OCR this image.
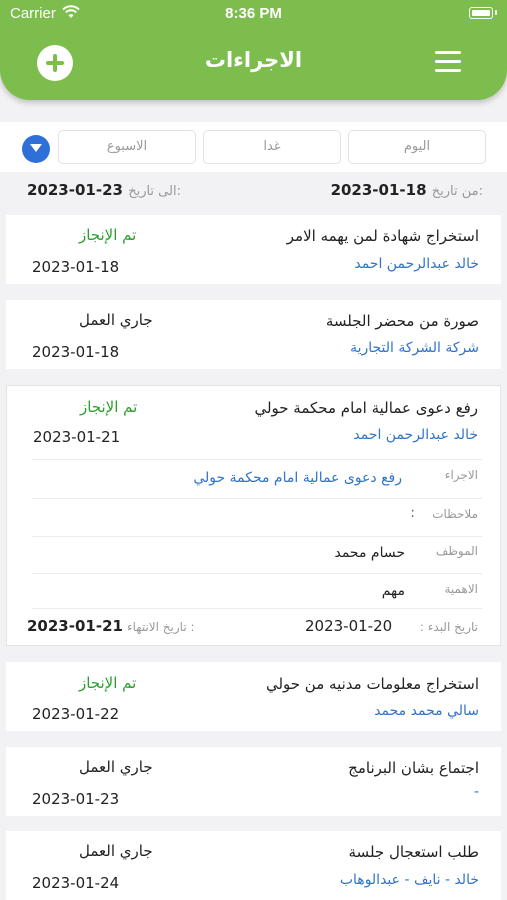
Carrier	8:36 PM
الاجراءات
اليوم
غدا
الاسبوع
2023-01-18 من تاريخ:
2023-01-23 الى تاريخ:
استخراج شهادة لمن يهمه الامر
خالد عبدالرحمن احمد
تم الإنجاز
2023-01-18
صورة من محضر الجلسة
شركة الشركة التجارية
جاري العمل
2023-01-18
رفع دعوى عمالية امام محكمة حولي
خالد عبدالرحمن احمد
تم الإنجاز
2023-01-21
الاجراء
رفع دعوى عمالية امام محكمة حولي
ملاحظات
:
الموظف
حسام محمد
الاهمية
مهم
تاريخ البدء :
2023-01-20
تاريخ الانتهاء :
2023-01-21
استخراج معلومات مدنيه من حولي
سالي محمد محمد
تم الإنجاز
2023-01-22
اجتماع بشان البرنامج
-
جاري العمل
2023-01-23
طلب استعجال جلسة
خالد - نايف - عبدالوهاب
جاري العمل
2023-01-24
